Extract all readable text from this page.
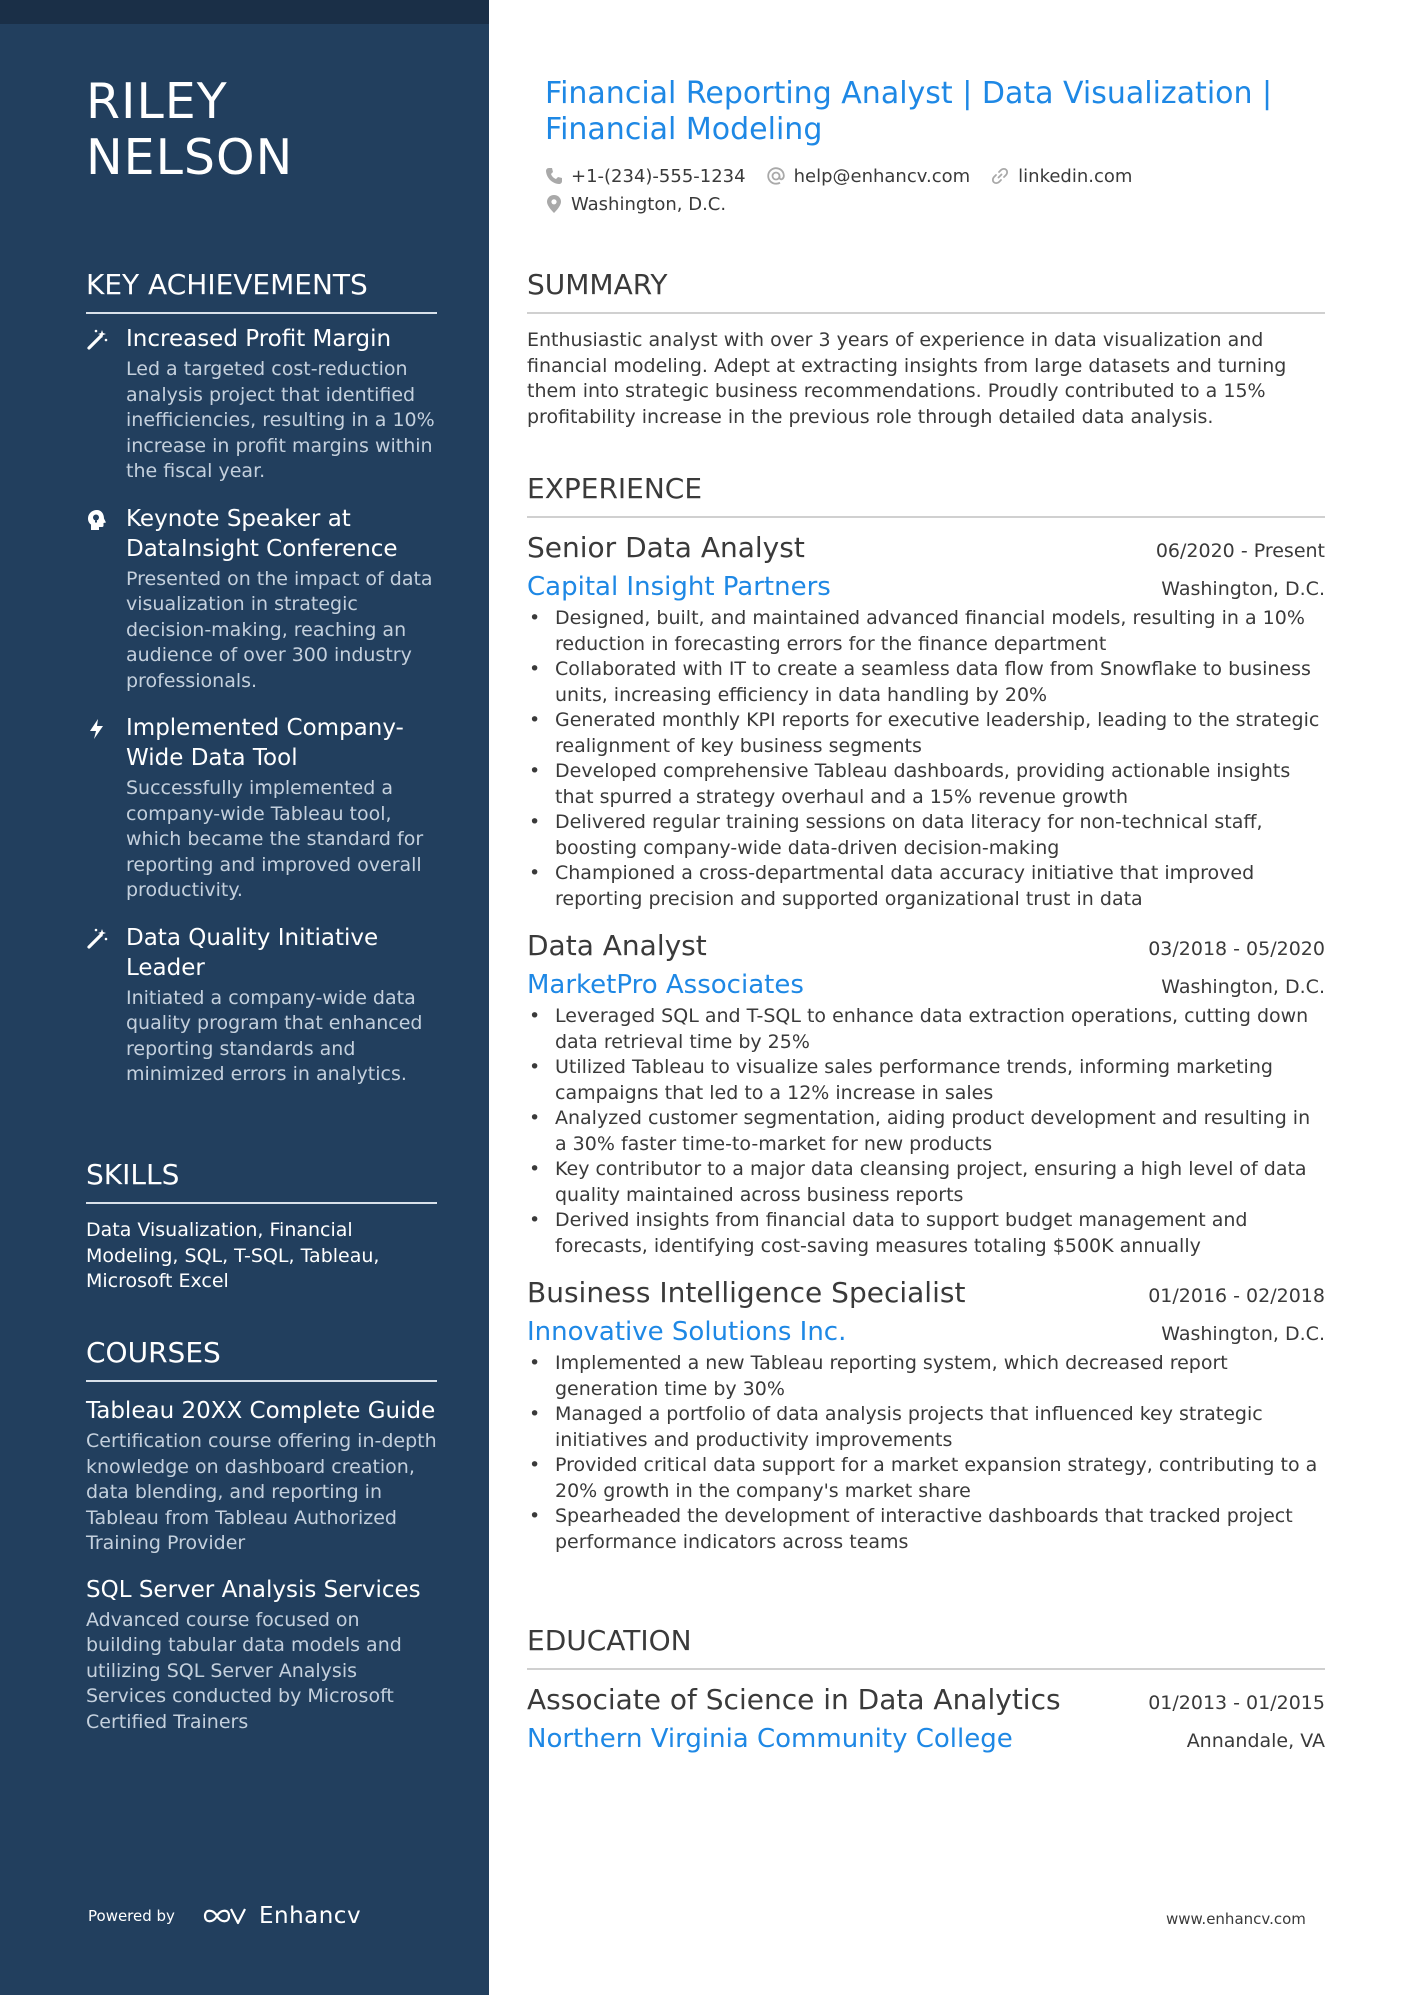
RILEY
NELSON
KEY ACHIEVEMENTS
Increased Profit Margin
Led a targeted cost-reduction analysis project that identified inefficiencies, resulting in a 10% increase in profit margins within the fiscal year.
Keynote Speaker at DataInsight Conference
Presented on the impact of data visualization in strategic decision-making, reaching an audience of over 300 industry professionals.
Implemented Company-Wide Data Tool
Successfully implemented a company-wide Tableau tool, which became the standard for reporting and improved overall productivity.
Data Quality Initiative Leader
Initiated a company-wide data quality program that enhanced reporting standards and minimized errors in analytics.
SKILLS
Data Visualization, Financial Modeling, SQL, T-SQL, Tableau, Microsoft Excel
COURSES
Tableau 20XX Complete Guide
Certification course offering in-depth knowledge on dashboard creation, data blending, and reporting in Tableau from Tableau Authorized Training Provider
SQL Server Analysis Services
Advanced course focused on building tabular data models and utilizing SQL Server Analysis Services conducted by Microsoft Certified Trainers
Powered by	Enhancv
Financial Reporting Analyst | Data Visualization | Financial Modeling
+1-(234)-555-1234	help@enhancv.com	linkedin.com
Washington, D.C.
SUMMARY
Enthusiastic analyst with over 3 years of experience in data visualization and financial modeling. Adept at extracting insights from large datasets and turning them into strategic business recommendations. Proudly contributed to a 15% profitability increase in the previous role through detailed data analysis.
EXPERIENCE
Senior Data Analyst	06/2020 - Present
Capital Insight Partners	Washington, D.C.
• Designed, built, and maintained advanced financial models, resulting in a 10% reduction in forecasting errors for the finance department
• Collaborated with IT to create a seamless data flow from Snowflake to business units, increasing efficiency in data handling by 20%
• Generated monthly KPI reports for executive leadership, leading to the strategic realignment of key business segments
• Developed comprehensive Tableau dashboards, providing actionable insights that spurred a strategy overhaul and a 15% revenue growth
• Delivered regular training sessions on data literacy for non-technical staff, boosting company-wide data-driven decision-making
• Championed a cross-departmental data accuracy initiative that improved reporting precision and supported organizational trust in data
Data Analyst	03/2018 - 05/2020
MarketPro Associates	Washington, D.C.
• Leveraged SQL and T-SQL to enhance data extraction operations, cutting down data retrieval time by 25%
• Utilized Tableau to visualize sales performance trends, informing marketing campaigns that led to a 12% increase in sales
• Analyzed customer segmentation, aiding product development and resulting in a 30% faster time-to-market for new products
• Key contributor to a major data cleansing project, ensuring a high level of data quality maintained across business reports
• Derived insights from financial data to support budget management and forecasts, identifying cost-saving measures totaling $500K annually
Business Intelligence Specialist	01/2016 - 02/2018
Innovative Solutions Inc.	Washington, D.C.
• Implemented a new Tableau reporting system, which decreased report generation time by 30%
• Managed a portfolio of data analysis projects that influenced key strategic initiatives and productivity improvements
• Provided critical data support for a market expansion strategy, contributing to a 20% growth in the company's market share
• Spearheaded the development of interactive dashboards that tracked project performance indicators across teams
EDUCATION
Associate of Science in Data Analytics	01/2013 - 01/2015
Northern Virginia Community College	Annandale, VA
www.enhancv.com
